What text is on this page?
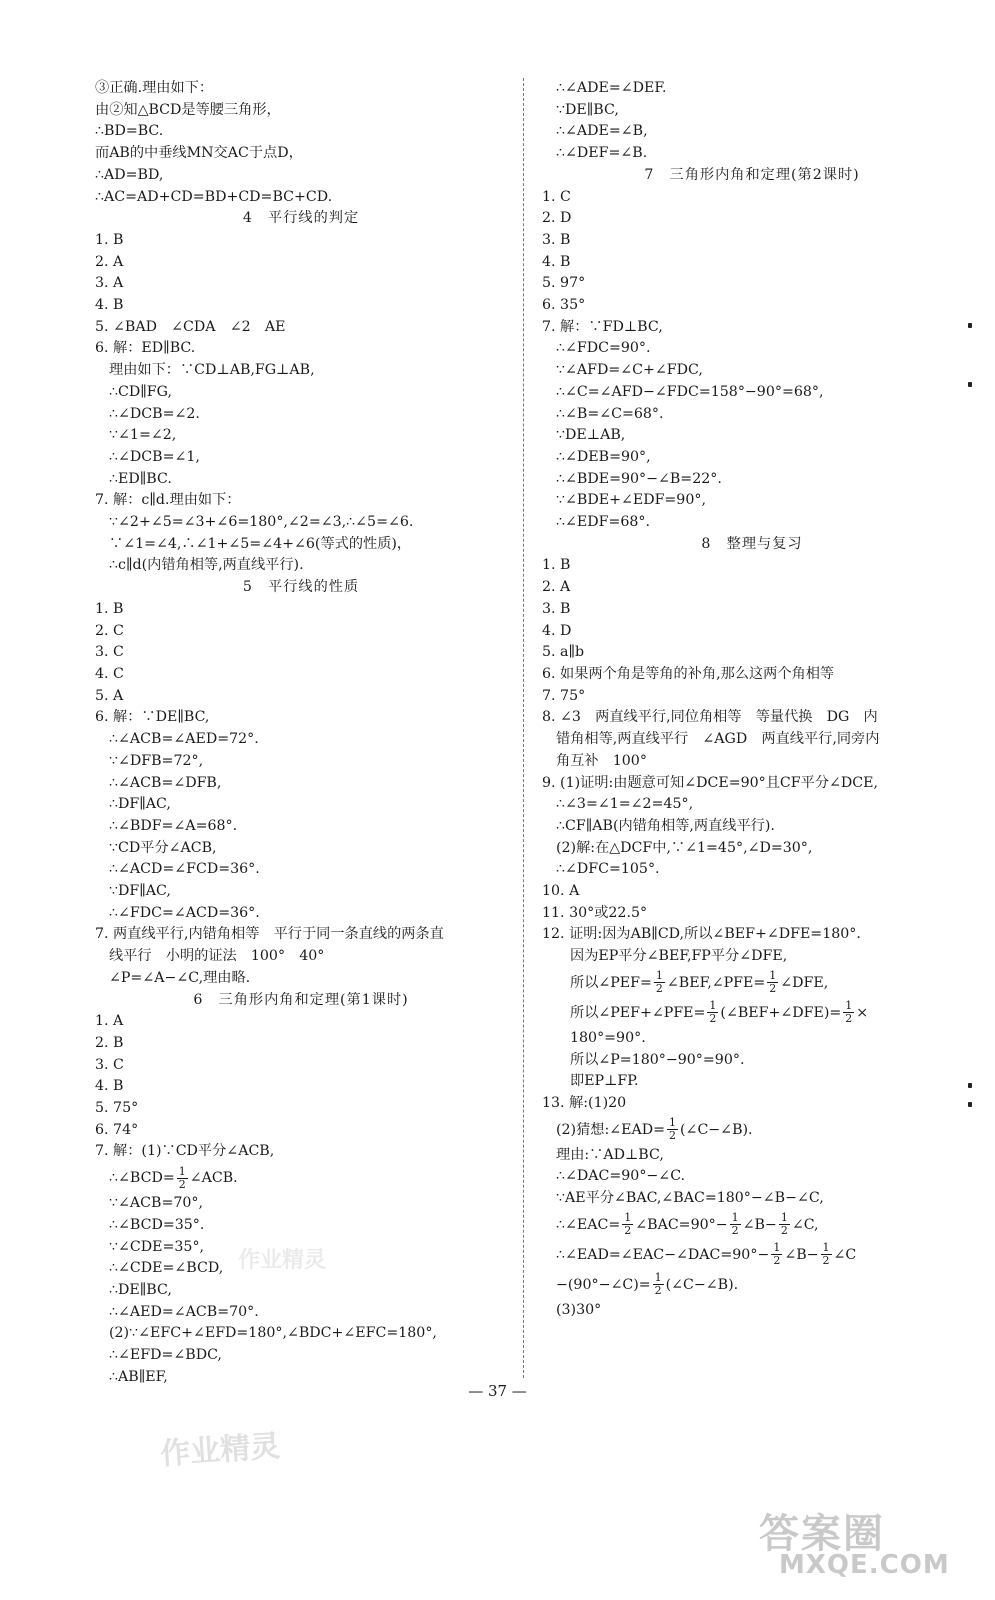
③正确.理由如下：
由②知△BCD是等腰三角形，
∴BD=BC.
而AB的中垂线MN交AC于点D，
∴AD=BD,
∴AC=AD+CD=BD+CD=BC+CD.
4　平行线的判定
1. B
2. A
3. A
4. B
5. ∠BAD　∠CDA　∠2　AE
6. 解：ED∥BC.
理由如下：∵CD⊥AB,FG⊥AB,
∴CD∥FG,
∴∠DCB=∠2.
∵∠1=∠2,
∴∠DCB=∠1,
∴ED∥BC.
7. 解：c∥d.理由如下：
∵∠2+∠5=∠3+∠6=180°,∠2=∠3,∴∠5=∠6.
∵∠1=∠4,∴∠1+∠5=∠4+∠6(等式的性质)，
∴c∥d(内错角相等,两直线平行).
5　平行线的性质
1. B
2. C
3. C
4. C
5. A
6. 解：∵DE∥BC,
∴∠ACB=∠AED=72°.
∵∠DFB=72°,
∴∠ACB=∠DFB,
∴DF∥AC,
∴∠BDF=∠A=68°.
∵CD平分∠ACB,
∴∠ACD=∠FCD=36°.
∵DF∥AC,
∴∠FDC=∠ACD=36°.
7. 两直线平行,内错角相等　平行于同一条直线的两条直
线平行　小明的证法　100°　40°
∠P=∠A−∠C,理由略.
6　三角形内角和定理(第1课时)
1. A
2. B
3. C
4. B
5. 75°
6. 74°
7. 解：(1)∵CD平分∠ACB,
∴∠BCD= $\frac{1}{2}$ ∠ACB.
∵∠ACB=70°,
∴∠BCD=35°.
∵∠CDE=35°,
∴∠CDE=∠BCD,
∴DE∥BC,
∴∠AED=∠ACB=70°.
(2)∵∠EFC+∠EFD=180°,∠BDC+∠EFC=180°,
∴∠EFD=∠BDC,
∴AB∥EF,
∴∠ADE=∠DEF.
∵DE∥BC,
∴∠ADE=∠B,
∴∠DEF=∠B.
7　三角形内角和定理(第2课时)
1. C
2. D
3. B
4. B
5. 97°
6. 35°
7. 解：∵FD⊥BC,
∴∠FDC=90°.
∵∠AFD=∠C+∠FDC,
∴∠C=∠AFD−∠FDC=158°−90°=68°,
∴∠B=∠C=68°.
∵DE⊥AB,
∴∠DEB=90°,
∴∠BDE=90°−∠B=22°.
∵∠BDE+∠EDF=90°,
∴∠EDF=68°.
8　整理与复习
1. B
2. A
3. B
4. D
5. a∥b
6. 如果两个角是等角的补角,那么这两个角相等
7. 75°
8. ∠3　两直线平行,同位角相等　等量代换　DG　内
错角相等,两直线平行　∠AGD　两直线平行,同旁内
角互补　100°
9. (1)证明:由题意可知∠DCE=90°且CF平分∠DCE,
∴∠3=∠1=∠2=45°,
∴CF∥AB(内错角相等,两直线平行).
(2)解:在△DCF中,∵∠1=45°,∠D=30°,
∴∠DFC=105°.
10. A
11. 30°或22.5°
12. 证明:因为AB∥CD,所以∠BEF+∠DFE=180°.
因为EP平分∠BEF,FP平分∠DFE,
所以∠PEF= $\frac{1}{2}$ ∠BEF,∠PFE= $\frac{1}{2}$ ∠DFE,
所以∠PEF+∠PFE= $\frac{1}{2}$ (∠BEF+∠DFE)= $\frac{1}{2}$ ×
180°=90°.
所以∠P=180°−90°=90°.
即EP⊥FP.
13. 解:(1)20
(2)猜想:∠EAD= $\frac{1}{2}$ (∠C−∠B).
理由:∵AD⊥BC,
∴∠DAC=90°−∠C.
∵AE平分∠BAC,∠BAC=180°−∠B−∠C,
∴∠EAC= $\frac{1}{2}$ ∠BAC=90°− $\frac{1}{2}$ ∠B− $\frac{1}{2}$ ∠C,
∴∠EAD=∠EAC−∠DAC=90°− $\frac{1}{2}$ ∠B− $\frac{1}{2}$ ∠C
−(90°−∠C)= $\frac{1}{2}$ (∠C−∠B).
(3)30°
— 37 —
作业精灵
作业精灵
答案圈
MXQE.COM
